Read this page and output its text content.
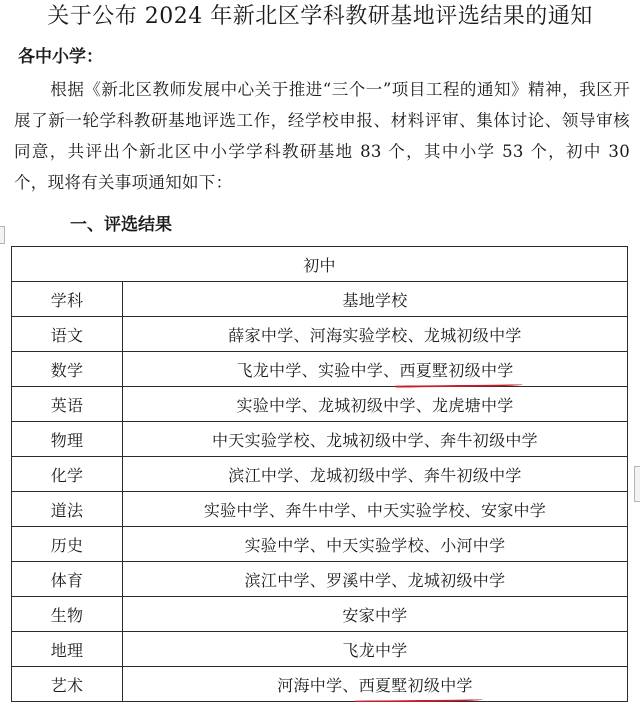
关于公布 2024 年新北区学科教研基地评选结果的通知
各中小学：
根据《新北区教师发展中心关于推进“三个一”项目工程的通知》精神，我区开展了新一轮学科教研基地评选工作，经学校申报、材料评审、集体讨论、领导审核同意，共评出个新北区中小学学科教研基地 83 个，其中小学 53 个，初中 30 个，现将有关事项通知如下：
一、评选结果
初中	
学科	基地学校
语文	薛家中学、河海实验学校、龙城初级中学
数学	飞龙中学、实验中学、西夏墅初级中学
英语	实验中学、龙城初级中学、龙虎塘中学
物理	中天实验学校、龙城初级中学、奔牛初级中学
化学	滨江中学、龙城初级中学、奔牛初级中学
道法	实验中学、奔牛中学、中天实验学校、安家中学
历史	实验中学、中天实验学校、小河中学
体育	滨江中学、罗溪中学、龙城初级中学
生物	安家中学
地理	飞龙中学
艺术	河海中学、西夏墅初级中学
